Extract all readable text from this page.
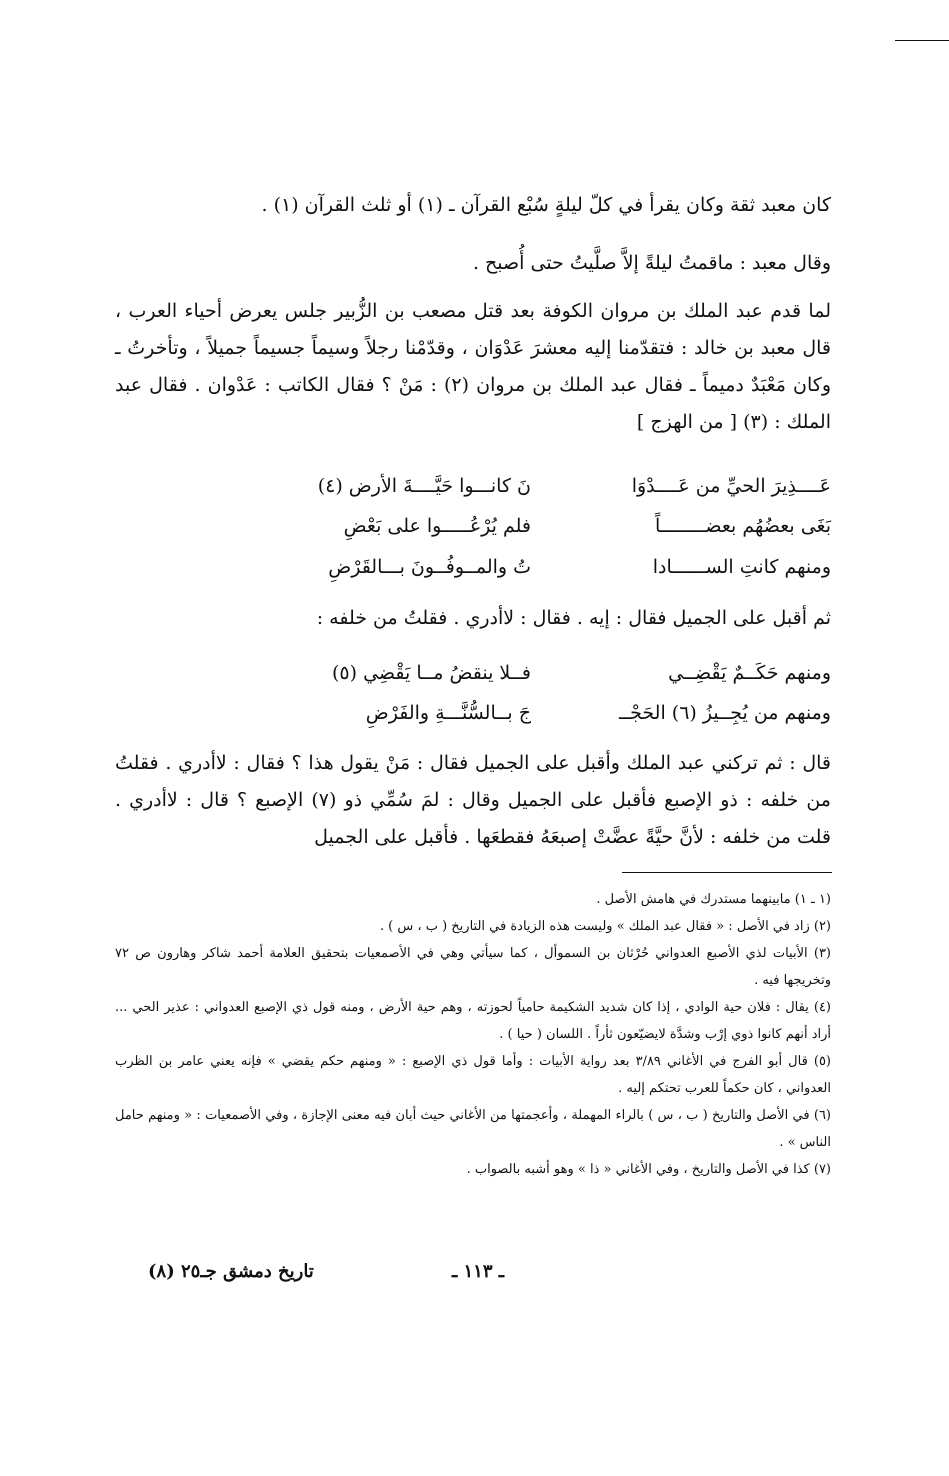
كان معبد ثقة وكان يقرأ في كلّ ليلةٍ سُبْع القرآن ـ (١) أو ثلث القرآن (١) .
وقال معبد : ماقمتُ ليلةً إلاَّ صلَّيتُ حتى أُصبح .

لما قدم عبد الملك بن مروان الكوفة بعد قتل مصعب بن الزُّبير جلس يعرض أحياء العرب ، قال معبد بن خالد : فتقدّمنا إليه معشرَ عَدْوَان ، وقدّمْنا رجلاً وسيماً جسيماً جميلاً ، وتأخرتُ ـ وكان مَعْبَدٌ دميماً ـ فقال عبد الملك بن مروان (٢) : مَنْ ؟ فقال الكاتب : عَدْوان . فقال عبد الملك : (٣) [ من الهزج ]

عَــــذِيرَ الحيِّ من عَــــدْوَا
نَ كانـــوا حَيَّــــةَ الأرض (٤)
بَغَى بعضُهُم بعضــــــــاً
فلم يُرْعُـــــوا على بَعْضِ
ومنهم كانتِ الســــــادا
تُ والمــوفُــونَ بـــالقَرْضِ
ثم أقبل على الجميل فقال : إيه . فقال : لاأدري . فقلتُ من خلفه :
ومنهم حَكَــمٌ يَقْضِــي
فــلا ينقضُ مــا يَقْضِي (٥)
ومنهم من يُجِــيزُ (٦) الحَجْــ
جَ بــالسُّنَّـــةِ والفَرْضِ

قال : ثم تركني عبد الملك وأقبل على الجميل فقال : مَنْ يقول هذا ؟ فقال : لاأدري . فقلتُ من خلفه : ذو الإصبع فأقبل على الجميل وقال : لمَ سُمِّي ذو (٧) الإصبع ؟ قال : لاأدري . قلت من خلفه : لأنَّ حيَّةً عضَّتْ إصبعَهُ فقطعَها . فأقبل على الجميل

(١ ـ ١) مابينهما مستدرك في هامش الأصل .

(٢) زاد في الأصل : « فقال عبد الملك » وليست هذه الزيادة في التاريخ ( ب ، س ) .

(٣) الأبيات لذي الأصبع العدواني حُرْثان بن السموأل ، كما سيأتي وهي في الأصمعيات بتحقيق العلامة أحمد شاكر وهارون ص ٧٢ وتخريجها فيه .

(٤) يقال : فلان حية الوادي ، إذا كان شديد الشكيمة حامياً لحوزته ، وهم حية الأرض ، ومنه قول ذي الإصبع العدواني : عذير الحي ... أراد أنهم كانوا ذوي إرْب وشدَّة لايضيّعون ثأراً . اللسان ( حيا ) .

(٥) قال أبو الفرج في الأغاني ٣/٨٩ بعد رواية الأبيات : وأما قول ذي الإصبع : « ومنهم حكم يقضي » فإنه يعني عامر بن الظرب العدواني ، كان حكماً للعرب تحتكم إليه .

(٦) في الأصل والتاريخ ( ب ، س ) بالراء المهملة ، وأعجمتها من الأغاني حيث أبان فيه معنى الإجازة ، وفي الأصمعيات : « ومنهم حامل الناس » .

(٧) كذا في الأصل والتاريخ ، وفي الأغاني « ذا » وهو أشبه بالصواب .

ـ ١١٣ ـ
تاريخ دمشق جـ٢٥ (٨)
